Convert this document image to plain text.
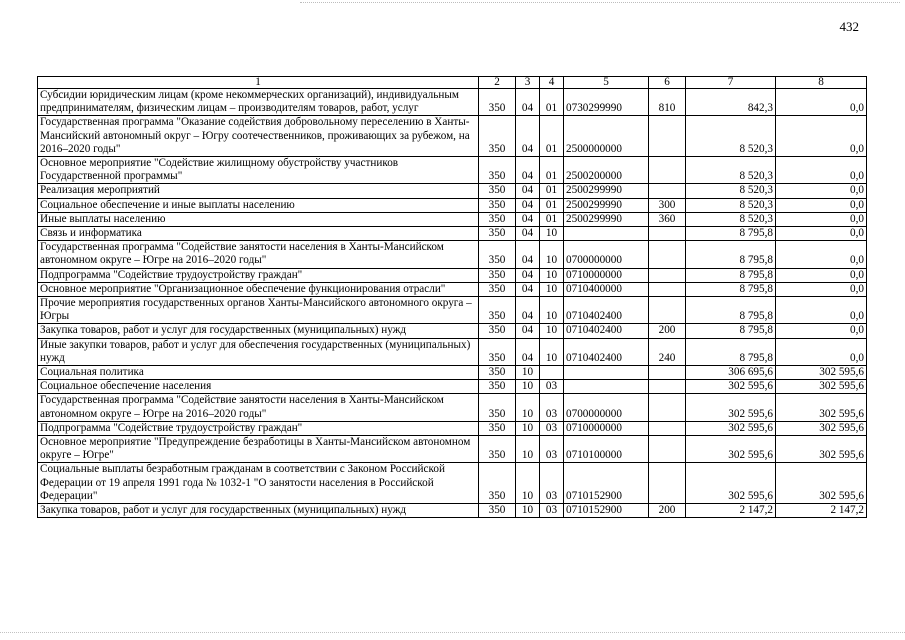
432
1	2	3	4	5	6	7	8
Субсидии юридическим лицам (кроме некоммерческих организаций), индивидуальным предпринимателям, физическим лицам – производителям товаров, работ, услуг	350	04	01	0730299990	810	842,3	0,0
Государственная программа "Оказание содействия добровольному переселению в Ханты-Мансийский автономный округ – Югру соотечественников, проживающих за рубежом, на 2016–2020 годы"	350	04	01	2500000000		8 520,3	0,0
Основное мероприятие "Содействие жилищному обустройству участников Государственной программы"	350	04	01	2500200000		8 520,3	0,0
Реализация мероприятий	350	04	01	2500299990		8 520,3	0,0
Социальное обеспечение и иные выплаты населению	350	04	01	2500299990	300	8 520,3	0,0
Иные выплаты населению	350	04	01	2500299990	360	8 520,3	0,0
Связь и информатика	350	04	10			8 795,8	0,0
Государственная программа "Содействие занятости населения в Ханты-Мансийском автономном округе – Югре на 2016–2020 годы"	350	04	10	0700000000		8 795,8	0,0
Подпрограмма "Содействие трудоустройству граждан"	350	04	10	0710000000		8 795,8	0,0
Основное мероприятие "Организационное обеспечение функционирования отрасли"	350	04	10	0710400000		8 795,8	0,0
Прочие мероприятия государственных органов Ханты-Мансийского автономного округа – Югры	350	04	10	0710402400		8 795,8	0,0
Закупка товаров, работ и услуг для государственных (муниципальных) нужд	350	04	10	0710402400	200	8 795,8	0,0
Иные закупки товаров, работ и услуг для обеспечения государственных (муниципальных) нужд	350	04	10	0710402400	240	8 795,8	0,0
Социальная политика	350	10				306 695,6	302 595,6
Социальное обеспечение населения	350	10	03			302 595,6	302 595,6
Государственная программа "Содействие занятости населения в Ханты-Мансийском автономном округе – Югре на 2016–2020 годы"	350	10	03	0700000000		302 595,6	302 595,6
Подпрограмма "Содействие трудоустройству граждан"	350	10	03	0710000000		302 595,6	302 595,6
Основное мероприятие "Предупреждение безработицы в Ханты-Мансийском автономном округе – Югре"	350	10	03	0710100000		302 595,6	302 595,6
Социальные выплаты безработным гражданам в соответствии с Законом Российской Федерации от 19 апреля 1991 года № 1032-1 "О занятости населения в Российской Федерации"	350	10	03	0710152900		302 595,6	302 595,6
Закупка товаров, работ и услуг для государственных (муниципальных) нужд	350	10	03	0710152900	200	2 147,2	2 147,2
